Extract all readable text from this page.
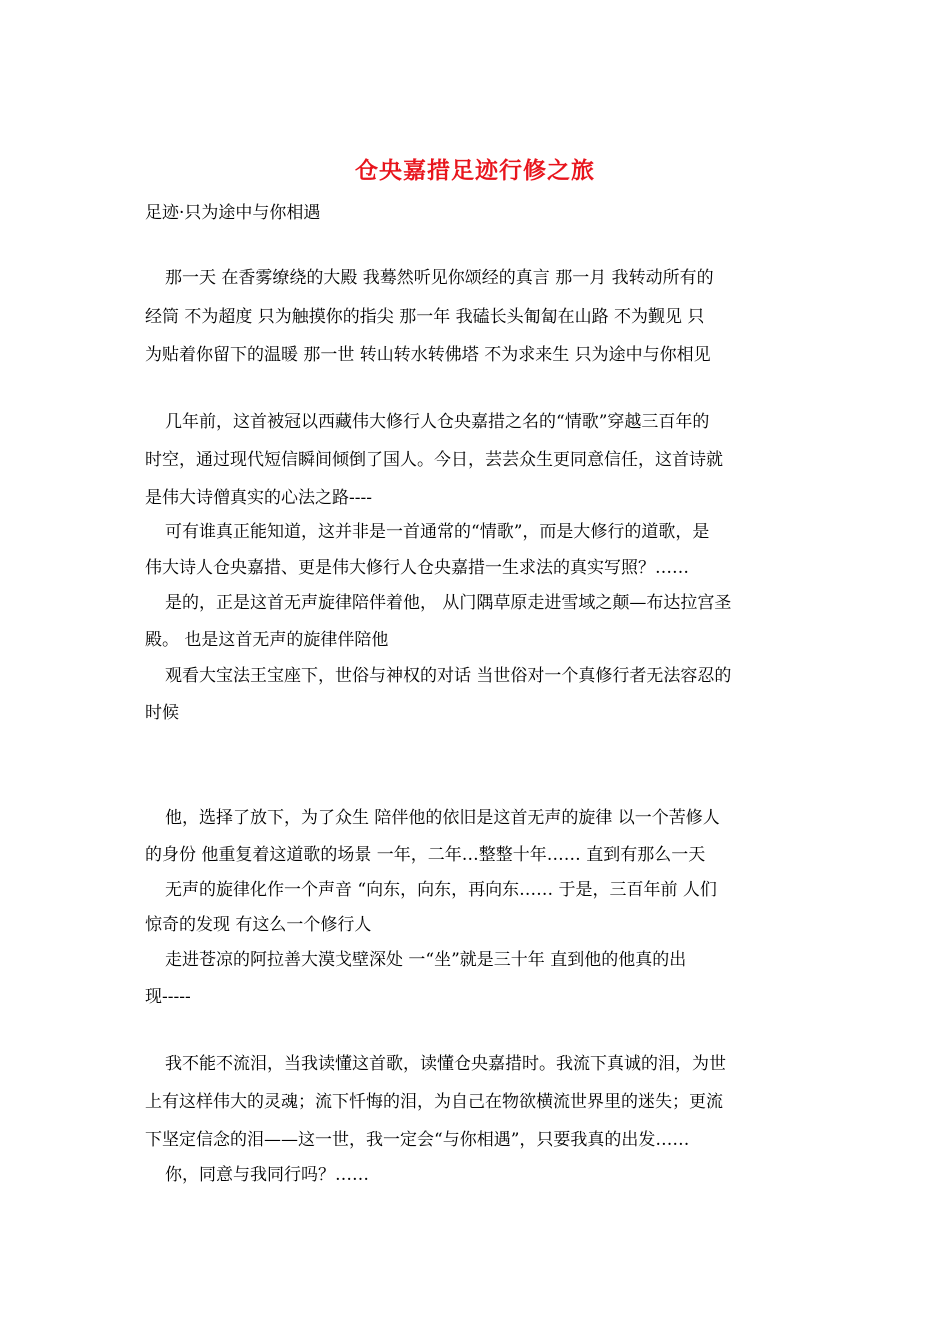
仓央嘉措足迹行修之旅
足迹·只为途中与你相遇
那一天 在香雾缭绕的大殿 我蓦然听见你颂经的真言 那一月 我转动所有的
经筒 不为超度 只为触摸你的指尖 那一年 我磕长头匍匐在山路 不为觐见 只
为贴着你留下的温暖 那一世 转山转水转佛塔 不为求来生 只为途中与你相见
几年前，这首被冠以西藏伟大修行人仓央嘉措之名的“情歌”穿越三百年的
时空，通过现代短信瞬间倾倒了国人。今日，芸芸众生更同意信任，这首诗就
是伟大诗僧真实的心法之路----
可有谁真正能知道，这并非是一首通常的“情歌”，而是大修行的道歌，是
伟大诗人仓央嘉措、更是伟大修行人仓央嘉措一生求法的真实写照？……
是的，正是这首无声旋律陪伴着他， 从门隅草原走进雪域之颠—布达拉宫圣
殿。 也是这首无声的旋律伴陪他
观看大宝法王宝座下，世俗与神权的对话 当世俗对一个真修行者无法容忍的
时候
他，选择了放下，为了众生 陪伴他的依旧是这首无声的旋律 以一个苦修人
的身份 他重复着这道歌的场景 一年，二年…整整十年…… 直到有那么一天
无声的旋律化作一个声音 “向东，向东，再向东…… 于是，三百年前 人们
惊奇的发现 有这么一个修行人
走进苍凉的阿拉善大漠戈壁深处 一“坐”就是三十年 直到他的他真的出
现-----
我不能不流泪，当我读懂这首歌，读懂仓央嘉措时。我流下真诚的泪，为世
上有这样伟大的灵魂；流下忏悔的泪，为自己在物欲横流世界里的迷失；更流
下坚定信念的泪——这一世，我一定会“与你相遇”，只要我真的出发……
你，同意与我同行吗？……
